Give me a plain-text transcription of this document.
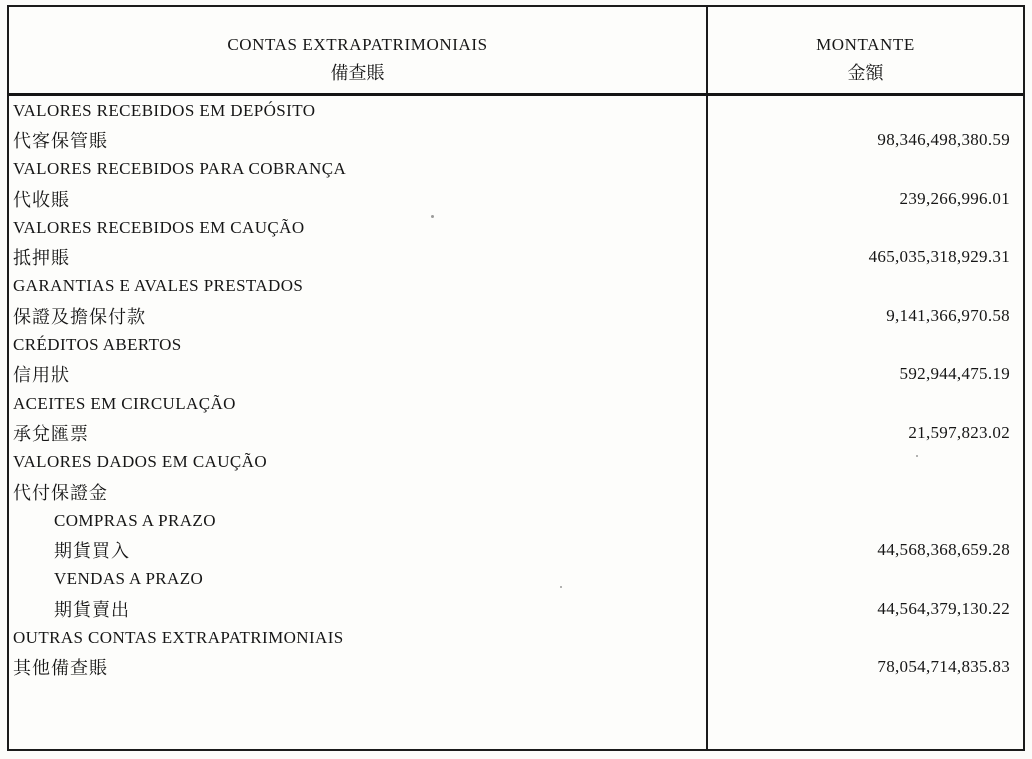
CONTAS EXTRAPATRIMONIAIS
備查賬
MONTANTE
金額
VALORES RECEBIDOS EM DEPÓSITO
代客保管賬	98,346,498,380.59
VALORES RECEBIDOS PARA COBRANÇA
代收賬	239,266,996.01
VALORES RECEBIDOS EM CAUÇÃO
抵押賬	465,035,318,929.31
GARANTIAS E AVALES PRESTADOS
保證及擔保付款	9,141,366,970.58
CRÉDITOS ABERTOS
信用狀	592,944,475.19
ACEITES EM CIRCULAÇÃO
承兌匯票	21,597,823.02
VALORES DADOS EM CAUÇÃO
代付保證金
COMPRAS A PRAZO
期貨買入	44,568,368,659.28
VENDAS A PRAZO
期貨賣出	44,564,379,130.22
OUTRAS CONTAS EXTRAPATRIMONIAIS
其他備查賬	78,054,714,835.83
